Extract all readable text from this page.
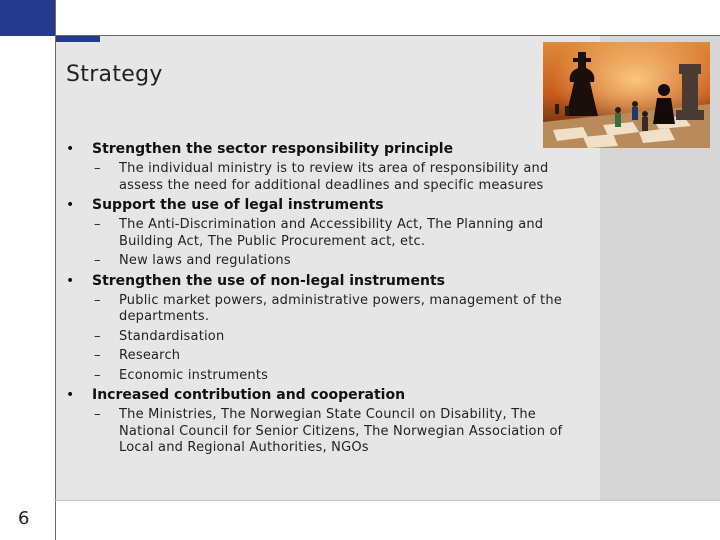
Strategy
• Strengthen the sector responsibility principle
– The individual ministry is to review its area of responsibility and assess the need for additional deadlines and specific measures
• Support the use of legal instruments
– The Anti-Discrimination and Accessibility Act, The Planning and Building Act, The Public Procurement act, etc.
– New laws and regulations
• Strengthen the use of non-legal instruments
– Public market powers, administrative powers, management of the departments.
– Standardisation
– Research
– Economic instruments
• Increased contribution and cooperation
– The Ministries, The Norwegian State Council on Disability, The National Council for Senior Citizens, The Norwegian Association of Local and Regional Authorities, NGOs
6
